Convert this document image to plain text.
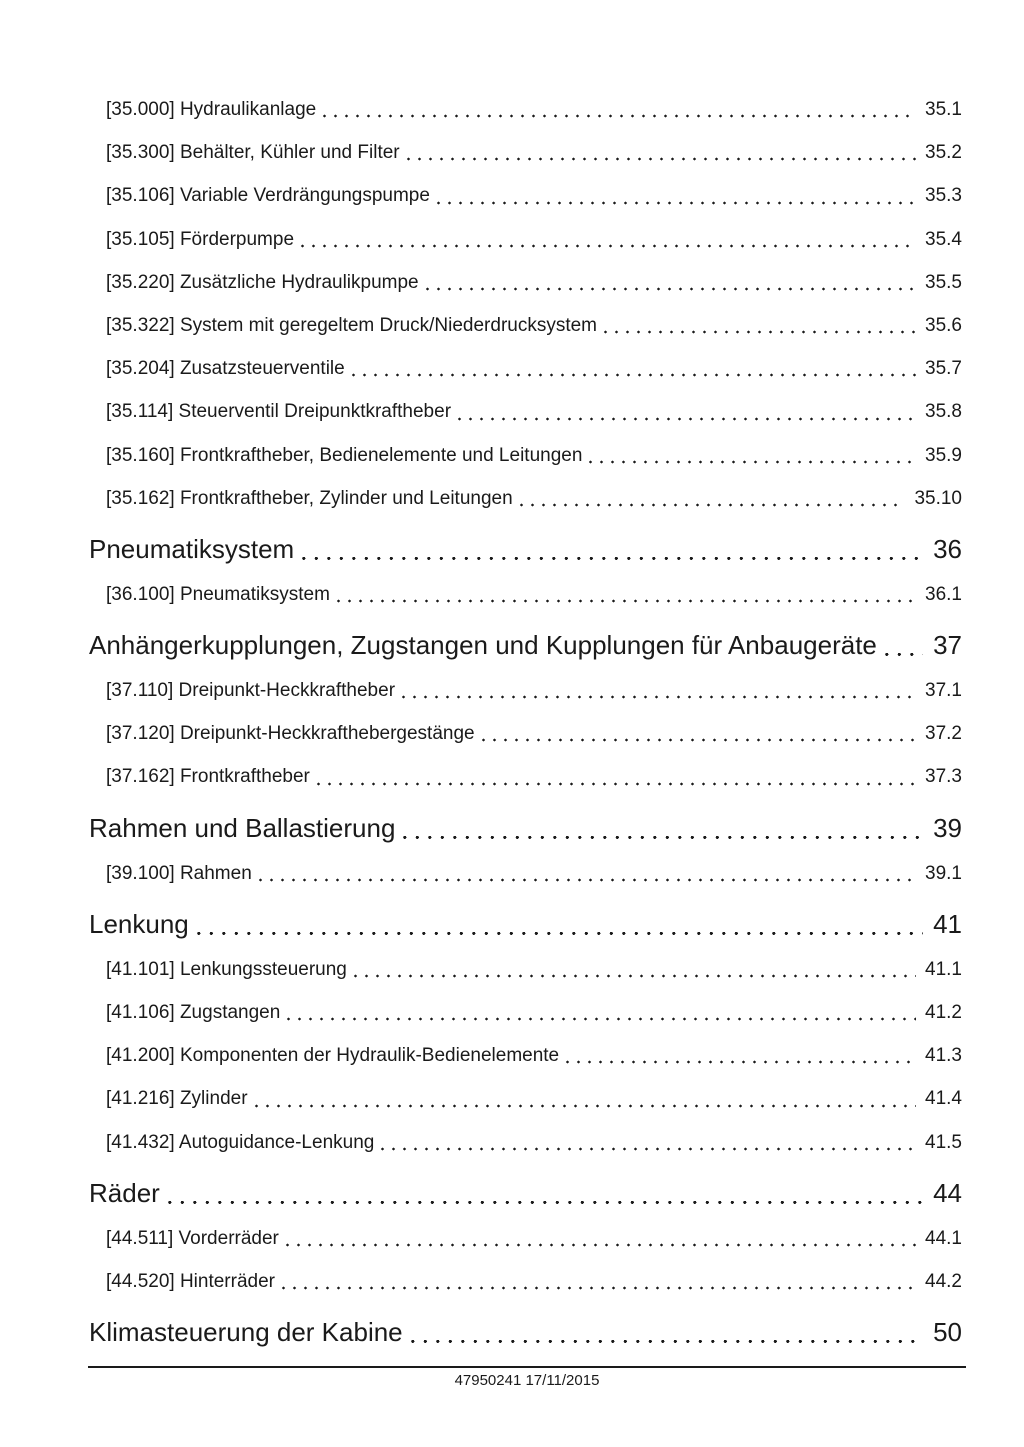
[35.000] Hydraulikanlage	35.1
[35.300] Behälter, Kühler und Filter	35.2
[35.106] Variable Verdrängungspumpe	35.3
[35.105] Förderpumpe	35.4
[35.220] Zusätzliche Hydraulikpumpe	35.5
[35.322] System mit geregeltem Druck/Niederdrucksystem	35.6
[35.204] Zusatzsteuerventile	35.7
[35.114] Steuerventil Dreipunktkraftheber	35.8
[35.160] Frontkraftheber, Bedienelemente und Leitungen	35.9
[35.162] Frontkraftheber, Zylinder und Leitungen	35.10
Pneumatiksystem	36
[36.100] Pneumatiksystem	36.1
Anhängerkupplungen, Zugstangen und Kupplungen für Anbaugeräte 37
[37.110] Dreipunkt-Heckkraftheber	37.1
[37.120] Dreipunkt-Heckkrafthebergestänge	37.2
[37.162] Frontkraftheber	37.3
Rahmen und Ballastierung	39
[39.100] Rahmen	39.1
Lenkung	41
[41.101] Lenkungssteuerung	41.1
[41.106] Zugstangen	41.2
[41.200] Komponenten der Hydraulik-Bedienelemente	41.3
[41.216] Zylinder	41.4
[41.432] Autoguidance-Lenkung	41.5
Räder	44
[44.511] Vorderräder	44.1
[44.520] Hinterräder	44.2
Klimasteuerung der Kabine	50
47950241 17/11/2015
